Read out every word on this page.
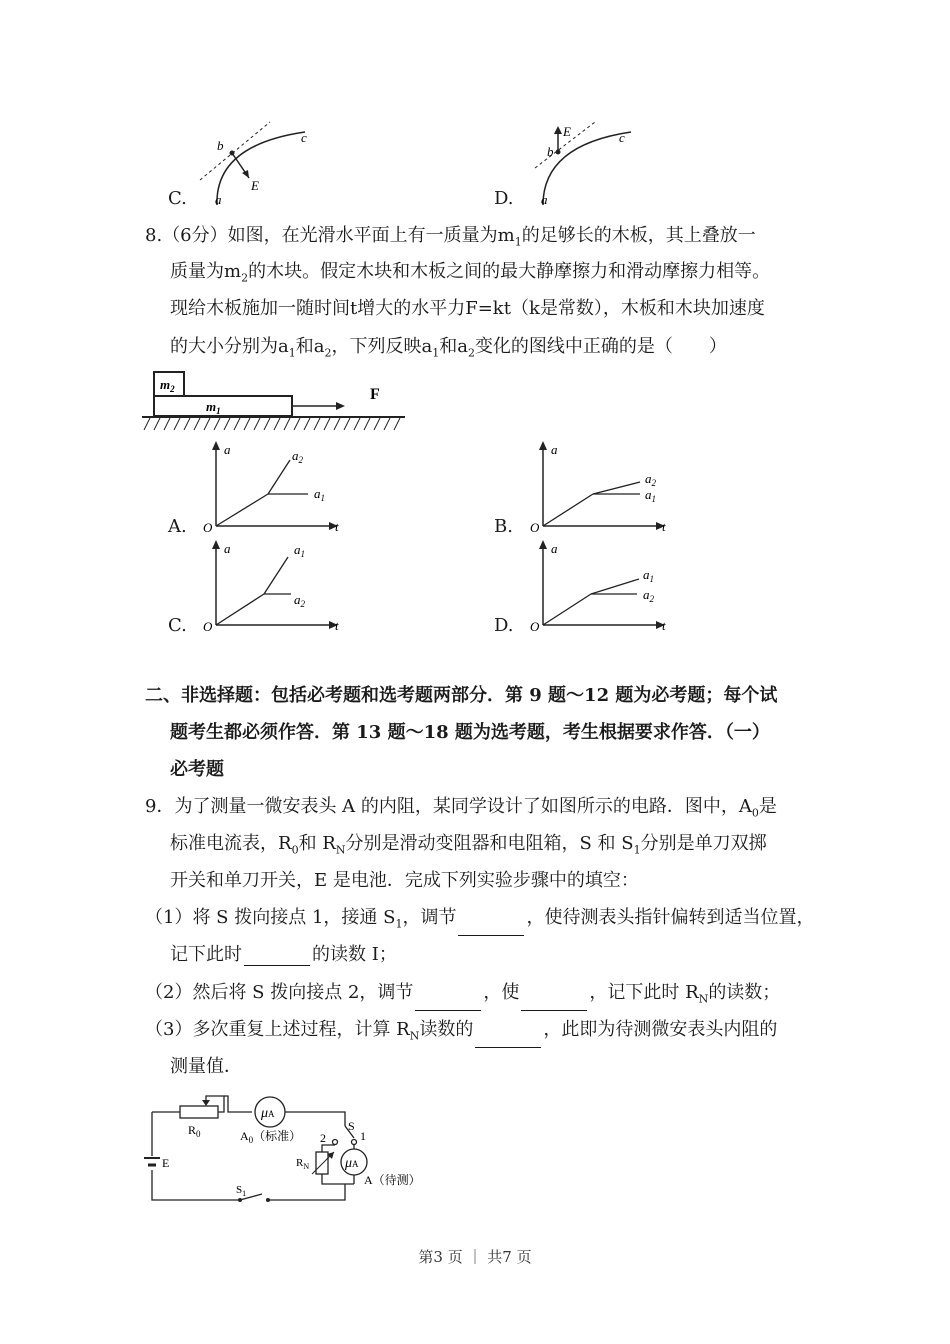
C.
b
c
E
a	D.
E
b
c
a
8.（6分）如图，在光滑水平面上有一质量为$m_1$的足够长的木板，其上叠放一
质量为$m_2$的木块。假定木块和木板之间的最大静摩擦力和滑动摩擦力相等。
现给木板施加一随时间t增大的水平力F=kt（k是常数），木板和木块加速度
的大小分别为$a_1$和$a_2$，下列反映$a_1$和$a_2$变化的图线中正确的是（　　）
$m_2$
$m_1$
F
A.
a
O	t
$a_2$
$a_1$
B.
a
O	t
$a_2$
$a_1$
C.
a
O	t
$a_1$
$a_2$
D.
a
O	t
$a_1$
$a_2$
二、非选择题：包括必考题和选考题两部分．第 9 题～12 题为必考题；每个试
题考生都必须作答．第 13 题～18 题为选考题，考生根据要求作答．（一）
必考题
9．为了测量一微安表头 A 的内阻，某同学设计了如图所示的电路．图中，$A_0$是
标准电流表，$R_0$和 $R_N$分别是滑动变阻器和电阻箱，S 和 $S_1$分别是单刀双掷
开关和单刀开关，E 是电池．完成下列实验步骤中的填空：
（1）将 S 拨向接点 1，接通 $S_1$，调节	，使待测表头指针偏转到适当位置，
记下此时	的读数 I；
（2）然后将 S 拨向接点 2，调节	，使	，记下此时 $R_N$的读数；
（3）多次重复上述过程，计算 $R_N$读数的	，此即为待测微安表头内阻的
测量值．
$R_0$
μA
$A_0$（标准）
S
1
2
$R_N$	μA
A（待测）
E
$S_1$
第3 页 ｜ 共7 页
